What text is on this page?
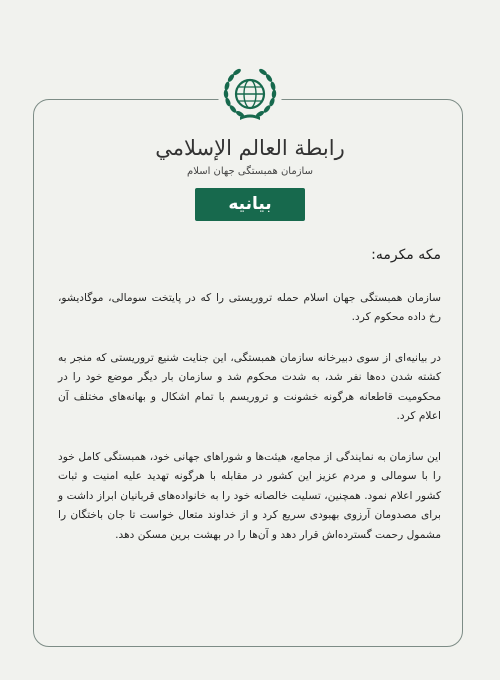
رابطة العالم الإسلامي
سازمان همبستگی جهان اسلام
بیانیه
مکه مکرمه:

سازمان همبستگی جهان اسلام حمله تروریستی را که در پایتخت سومالی، موگادیشو، رخ داده محکوم کرد.

در بیانیه‌ای از سوی دبیرخانه سازمان همبستگی، این جنایت شنیع تروریستی که منجر به کشته شدن ده‌ها نفر شد، به شدت محکوم شد و سازمان بار دیگر موضع خود را در محکومیت قاطعانه هرگونه خشونت و تروریسم با تمام اشکال و بهانه‌های مختلف آن اعلام کرد.

این سازمان به نمایندگی از مجامع، هیئت‌ها و شوراهای جهانی خود، همبستگی کامل خود را با سومالی و مردم عزیز این کشور در مقابله با هرگونه تهدید علیه امنیت و ثبات کشور اعلام نمود. همچنین، تسلیت خالصانه خود را به خانواده‌های قربانیان ابراز داشت و برای مصدومان آرزوی بهبودی سریع کرد و از خداوند متعال خواست تا جان باختگان را مشمول رحمت گسترده‌اش قرار دهد و آن‌ها را در بهشت برین مسکن دهد.
